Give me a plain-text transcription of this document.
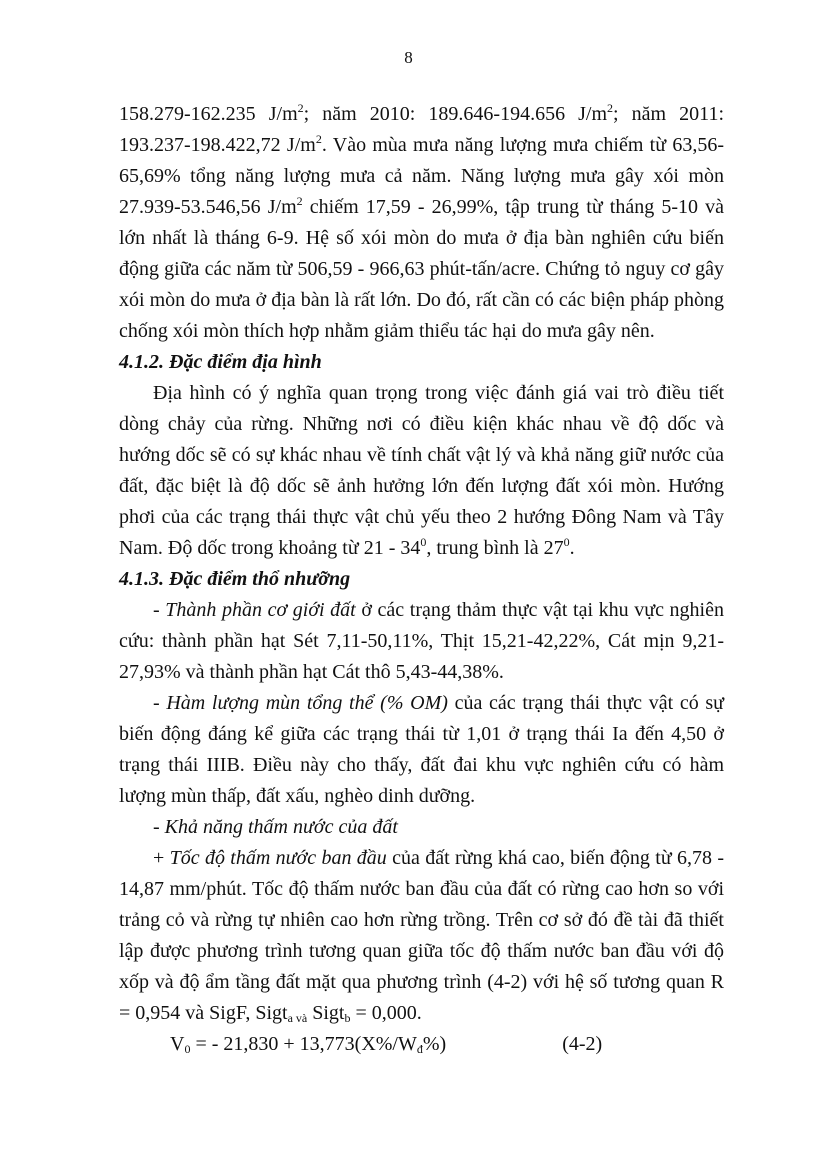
8

158.279-162.235 $J/m^2$; năm 2010: 189.646-194.656 $J/m^2$; năm 2011: 193.237-198.422,72 $J/m^2$. Vào mùa mưa năng lượng mưa chiếm từ 63,56-65,69% tổng năng lượng mưa cả năm. Năng lượng mưa gây xói mòn 27.939-53.546,56 $J/m^2$ chiếm 17,59 - 26,99%, tập trung từ tháng 5-10 và lớn nhất là tháng 6-9. Hệ số xói mòn do mưa ở địa bàn nghiên cứu biến động giữa các năm từ 506,59 - 966,63 phút-tấn/acre. Chứng tỏ nguy cơ gây xói mòn do mưa ở địa bàn là rất lớn. Do đó, rất cần có các biện pháp phòng chống xói mòn thích hợp nhằm giảm thiểu tác hại do mưa gây nên.

4.1.2. Đặc điểm địa hình

Địa hình có ý nghĩa quan trọng trong việc đánh giá vai trò điều tiết dòng chảy của rừng. Những nơi có điều kiện khác nhau về độ dốc và hướng dốc sẽ có sự khác nhau về tính chất vật lý và khả năng giữ nước của đất, đặc biệt là độ dốc sẽ ảnh hưởng lớn đến lượng đất xói mòn. Hướng phơi của các trạng thái thực vật chủ yếu theo 2 hướng Đông Nam và Tây Nam. Độ dốc trong khoảng từ $21 - 34^0$, trung bình là $27^0$.

4.1.3. Đặc điểm thổ nhưỡng

- Thành phần cơ giới đất ở các trạng thảm thực vật tại khu vực nghiên cứu: thành phần hạt Sét 7,11-50,11%, Thịt 15,21-42,22%, Cát mịn 9,21-27,93% và thành phần hạt Cát thô 5,43-44,38%.

- Hàm lượng mùn tổng thể (% OM) của các trạng thái thực vật có sự biến động đáng kể giữa các trạng thái từ 1,01 ở trạng thái Ia đến 4,50 ở trạng thái IIIB. Điều này cho thấy, đất đai khu vực nghiên cứu có hàm lượng mùn thấp, đất xấu, nghèo dinh dưỡng.

- Khả năng thấm nước của đất

+ Tốc độ thấm nước ban đầu của đất rừng khá cao, biến động từ 6,78 - 14,87 mm/phút. Tốc độ thấm nước ban đầu của đất có rừng cao hơn so với trảng cỏ và rừng tự nhiên cao hơn rừng trồng. Trên cơ sở đó đề tài đã thiết lập được phương trình tương quan giữa tốc độ thấm nước ban đầu với độ xốp và độ ẩm tầng đất mặt qua phương trình (4-2) với hệ số tương quan R = 0,954 và SigF, Sigt$_{a và}$ Sigt$_b$ = 0,000.

$V_0$ = - $21,830 + 13,773(X\%/W_đ\%)$	(4-2)
